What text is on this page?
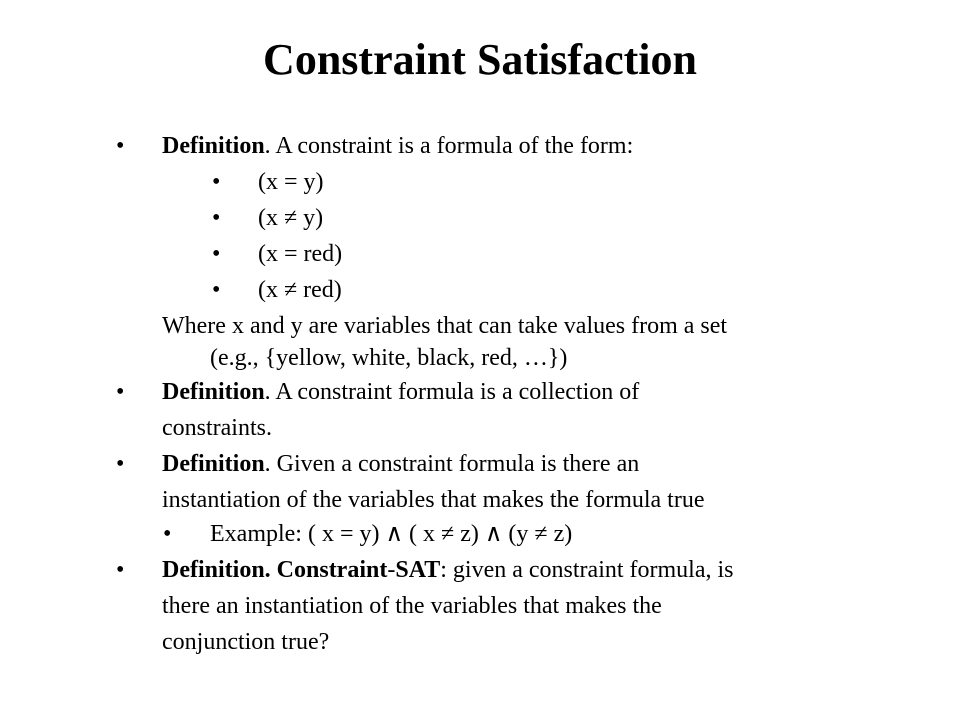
Constraint Satisfaction
• Definition. A constraint is a formula of the form:
• (x = y)
• (x ≠ y)
• (x = red)
• (x ≠ red)
Where x and y are variables that can take values from a set
(e.g., {yellow, white, black, red, …})
• Definition. A constraint formula is a collection of
constraints.
• Definition. Given a constraint formula is there an
instantiation of the variables that makes the formula true
• Example: ( x = y) ∧ ( x ≠ z) ∧ (y ≠ z)
• Definition. Constraint-SAT: given a constraint formula, is
there an instantiation of the variables that makes the
conjunction true?
